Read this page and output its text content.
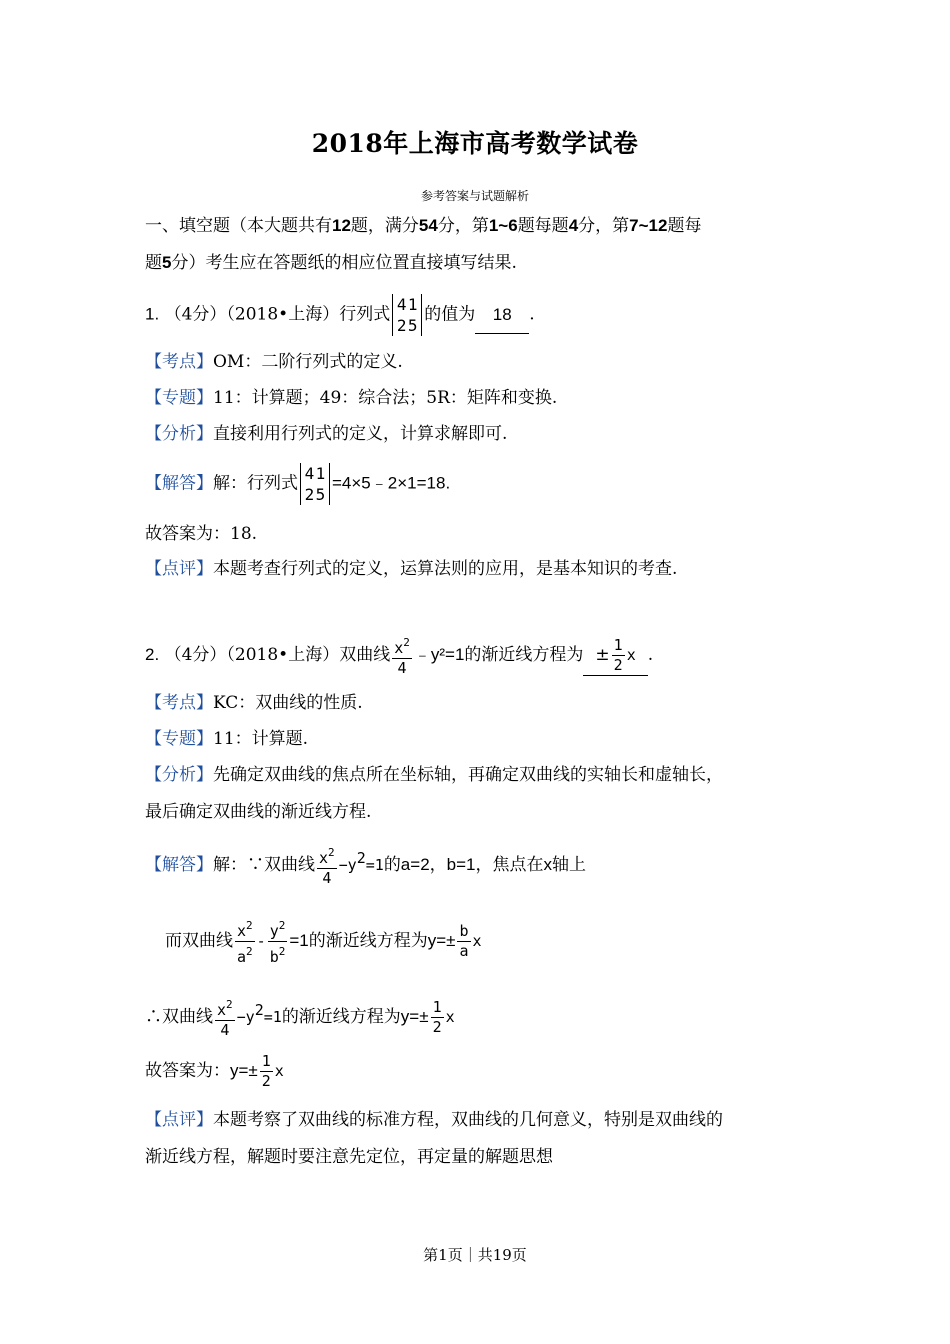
2018年上海市高考数学试卷
参考答案与试题解析
一、填空题（本大题共有12题，满分54分，第1~6题每题4分，第7~12题每
题5分）考生应在答题纸的相应位置直接填写结果.
1. （4分）（2018•上海）行列式 41
25的值为 18 .
【考点】OM：二阶行列式的定义.
【专题】11：计算题；49：综合法；5R：矩阵和变换.
【分析】直接利用行列式的定义，计算求解即可.
【解答】解：行列式 41
25=4×5﹣2×1=18.
故答案为：18.
【点评】本题考查行列式的定义，运算法则的应用，是基本知识的考查.
2. （4分）（2018•上海）双曲线 $\frac{x^2}{4}$ ﹣y²=1的渐近线方程为 ± $\frac{1}{2}$ x .
【考点】KC：双曲线的性质.
【专题】11：计算题.
【分析】先确定双曲线的焦点所在坐标轴，再确定双曲线的实轴长和虚轴长，
最后确定双曲线的渐近线方程.
【解答】解：∵双曲线 $\frac{x^2}{4} -y2=1$的a=2，b=1，焦点在x轴上
而双曲线 $\frac{x^2}{a^2} - \frac{y^2}{b^2} =1$的渐近线方程为$y=\pm \frac{b}{a}$ x
∴双曲线 $\frac{x^2}{4} -y2=1$的渐近线方程为$y=\pm \frac{1}{2}$ x
故答案为：$y=\pm \frac{1}{2}$ x
【点评】本题考察了双曲线的标准方程，双曲线的几何意义，特别是双曲线的
渐近线方程，解题时要注意先定位，再定量的解题思想
第1页｜共19页
